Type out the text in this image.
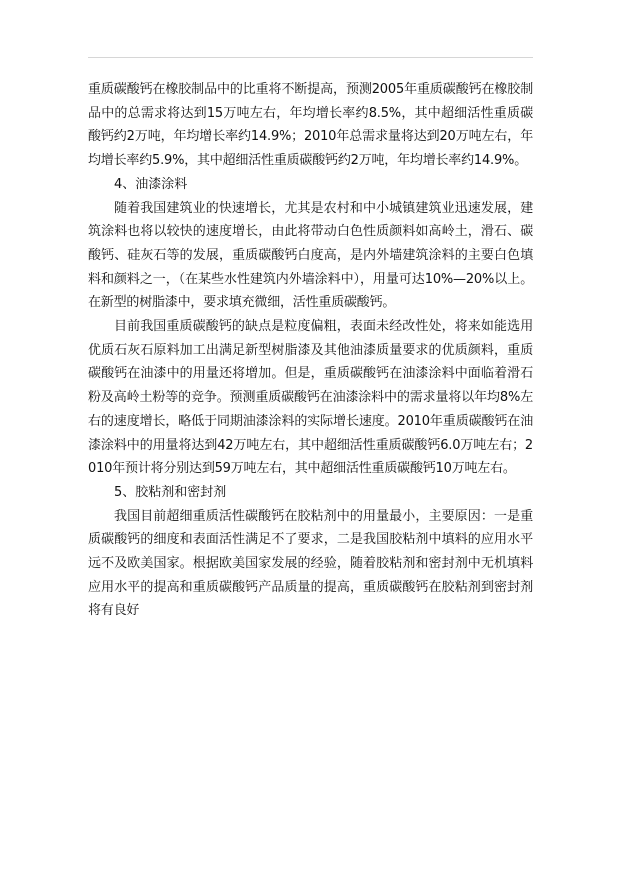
重质碳酸钙在橡胶制品中的比重将不断提高，预测2005年重质碳酸钙在橡胶制品中的总需求将达到15万吨左右，年均增长率约8.5%，其中超细活性重质碳酸钙约2万吨，年均增长率约14.9%；2010年总需求量将达到20万吨左右，年均增长率约5.9%，其中超细活性重质碳酸钙约2万吨，年均增长率约14.9%。

4、油漆涂料

随着我国建筑业的快速增长，尤其是农村和中小城镇建筑业迅速发展，建筑涂料也将以较快的速度增长，由此将带动白色性质颜料如高岭土，滑石、碳酸钙、硅灰石等的发展，重质碳酸钙白度高，是内外墙建筑涂料的主要白色填料和颜料之一，（在某些水性建筑内外墙涂料中），用量可达10%—20%以上。在新型的树脂漆中，要求填充微细，活性重质碳酸钙。

目前我国重质碳酸钙的缺点是粒度偏粗，表面未经改性处，将来如能选用优质石灰石原料加工出满足新型树脂漆及其他油漆质量要求的优质颜料，重质碳酸钙在油漆中的用量还将增加。但是，重质碳酸钙在油漆涂料中面临着滑石粉及高岭土粉等的竞争。预测重质碳酸钙在油漆涂料中的需求量将以年均8%左右的速度增长，略低于同期油漆涂料的实际增长速度。2010年重质碳酸钙在油漆涂料中的用量将达到42万吨左右，其中超细活性重质碳酸钙6.0万吨左右；2010年预计将分别达到59万吨左右，其中超细活性重质碳酸钙10万吨左右。

5、胶粘剂和密封剂

我国目前超细重质活性碳酸钙在胶粘剂中的用量最小，主要原因：一是重质碳酸钙的细度和表面活性满足不了要求，二是我国胶粘剂中填料的应用水平远不及欧美国家。根据欧美国家发展的经验，随着胶粘剂和密封剂中无机填料应用水平的提高和重质碳酸钙产品质量的提高，重质碳酸钙在胶粘剂到密封剂将有良好
